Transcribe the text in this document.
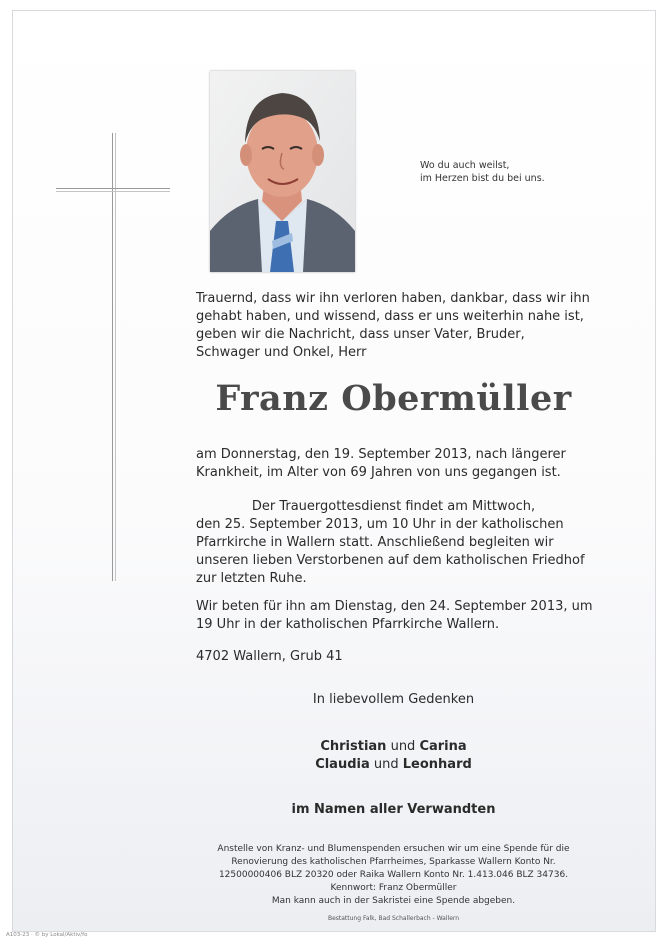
Wo du auch weilst,
im Herzen bist du bei uns.
Trauernd, dass wir ihn verloren haben, dankbar, dass wir ihn
gehabt haben, und wissend, dass er uns weiterhin nahe ist,
geben wir die Nachricht, dass unser Vater, Bruder,
Schwager und Onkel, Herr
Franz Obermüller
am Donnerstag, den 19. September 2013, nach längerer
Krankheit, im Alter von 69 Jahren von uns gegangen ist.
Der Trauergottesdienst findet am Mittwoch,
den 25. September 2013, um 10 Uhr in der katholischen
Pfarrkirche in Wallern statt. Anschließend begleiten wir
unseren lieben Verstorbenen auf dem katholischen Friedhof
zur letzten Ruhe.
Wir beten für ihn am Dienstag, den 24. September 2013, um
19 Uhr in der katholischen Pfarrkirche Wallern.
4702 Wallern, Grub 41
In liebevollem Gedenken
Christian und Carina
Claudia und Leonhard
im Namen aller Verwandten
Anstelle von Kranz- und Blumenspenden ersuchen wir um eine Spende für die
Renovierung des katholischen Pfarrheimes, Sparkasse Wallern Konto Nr.
12500000406 BLZ 20320 oder Raika Wallern Konto Nr. 1.413.046 BLZ 34736.
Kennwort: Franz Obermüller
Man kann auch in der Sakristei eine Spende abgeben.
Bestattung Falk, Bad Schallerbach - Wallern
A103-23 · © by Lokal/Aktiv/fo
